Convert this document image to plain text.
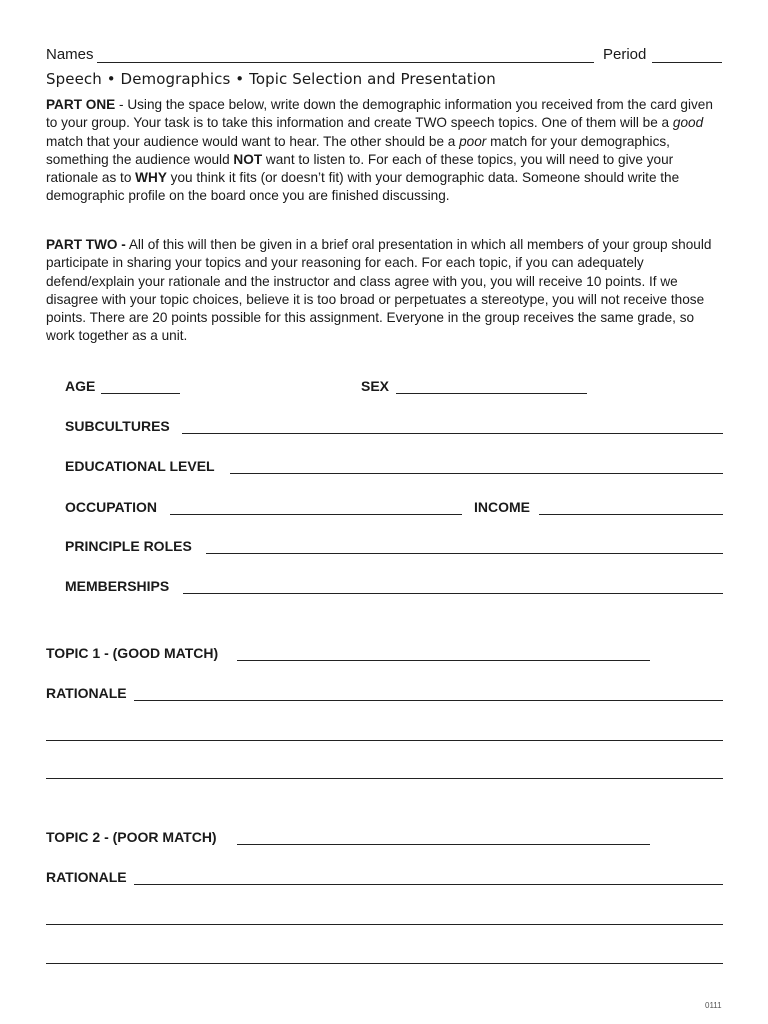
Names	Period
Speech • Demographics • Topic Selection and Presentation
PART ONE - Using the space below, write down the demographic information you received from the card given to your group. Your task is to take this information and create TWO speech topics. One of them will be a good match that your audience would want to hear. The other should be a poor match for your demographics, something the audience would NOT want to listen to. For each of these topics, you will need to give your rationale as to WHY you think it fits (or doesn’t fit) with your demographic data. Someone should write the demographic profile on the board once you are finished discussing.
PART TWO - All of this will then be given in a brief oral presentation in which all members of your group should participate in sharing your topics and your reasoning for each. For each topic, if you can adequately defend/explain your rationale and the instructor and class agree with you, you will receive 10 points. If we disagree with your topic choices, believe it is too broad or perpetuates a stereotype, you will not receive those points. There are 20 points possible for this assignment. Everyone in the group receives the same grade, so work together as a unit.
AGE	SEX
SUBCULTURES
EDUCATIONAL LEVEL
OCCUPATION	INCOME
PRINCIPLE ROLES
MEMBERSHIPS
TOPIC 1 - (GOOD MATCH)
RATIONALE
TOPIC 2 - (POOR MATCH)
RATIONALE
0111
